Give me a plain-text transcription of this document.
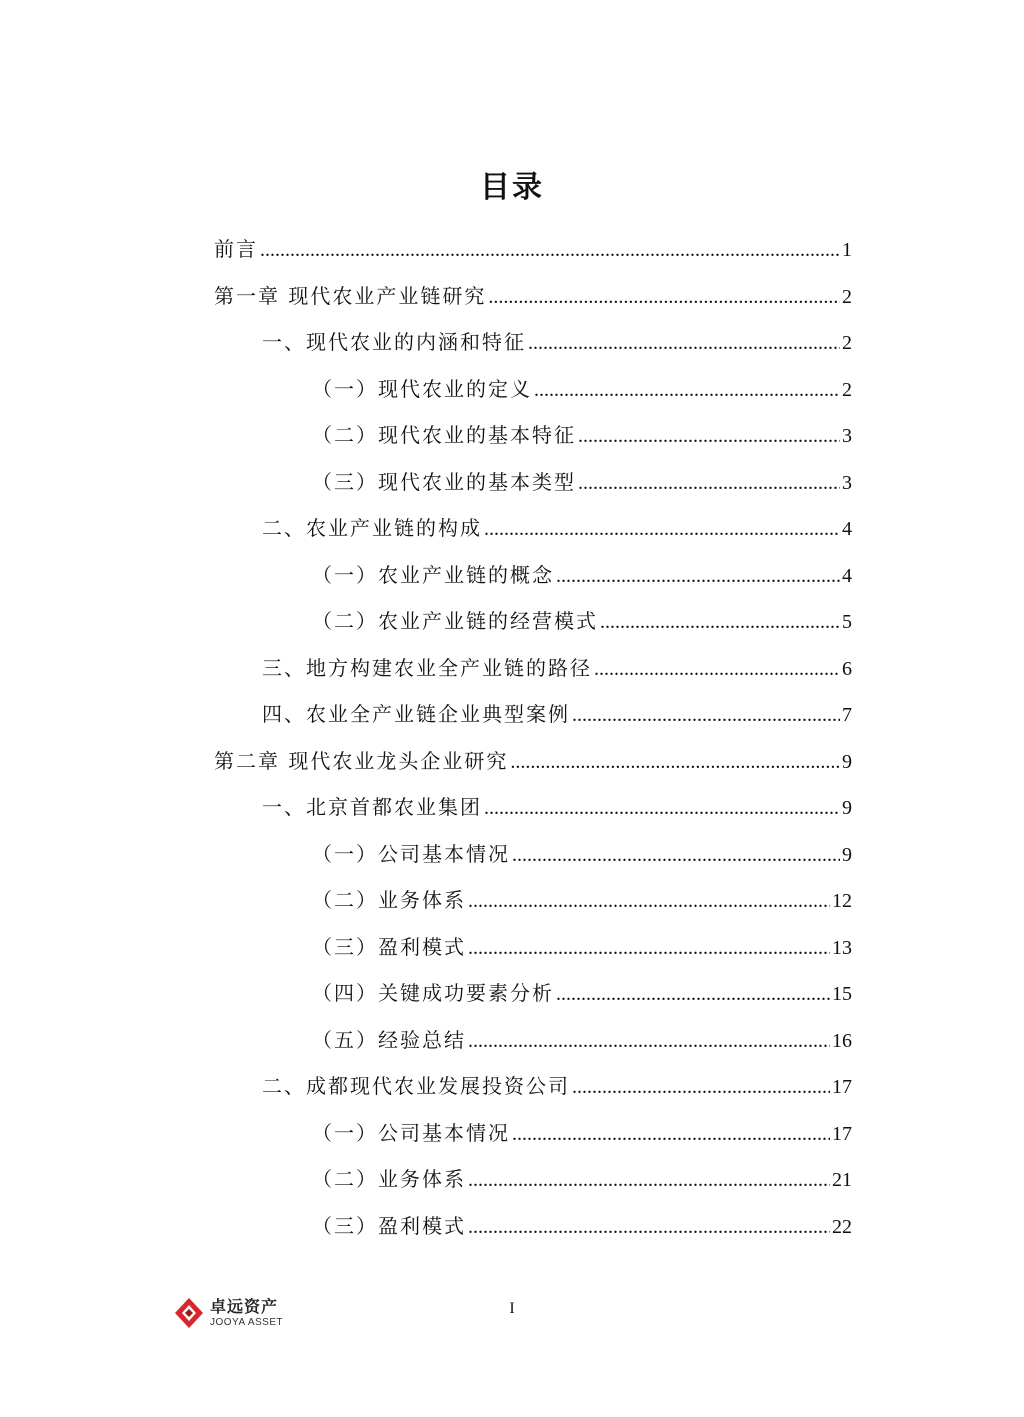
目录
前言 .....	1
第一章 现代农业产业链研究 .....	2
一、现代农业的内涵和特征 .....	2
（一）现代农业的定义 .....	2
（二）现代农业的基本特征 .....	3
（三）现代农业的基本类型 .....	3
二、农业产业链的构成 .....	4
（一）农业产业链的概念 .....	4
（二）农业产业链的经营模式 .....	5
三、地方构建农业全产业链的路径 .....	6
四、农业全产业链企业典型案例 .....	7
第二章 现代农业龙头企业研究 .....	9
一、北京首都农业集团 .....	9
（一）公司基本情况 .....	9
（二）业务体系 .....	12
（三）盈利模式 .....	13
（四）关键成功要素分析 .....	15
（五）经验总结 .....	16
二、成都现代农业发展投资公司 .....	17
（一）公司基本情况 .....	17
（二）业务体系 .....	21
（三）盈利模式 .....	22
卓远资产
JOOYA ASSET
I
